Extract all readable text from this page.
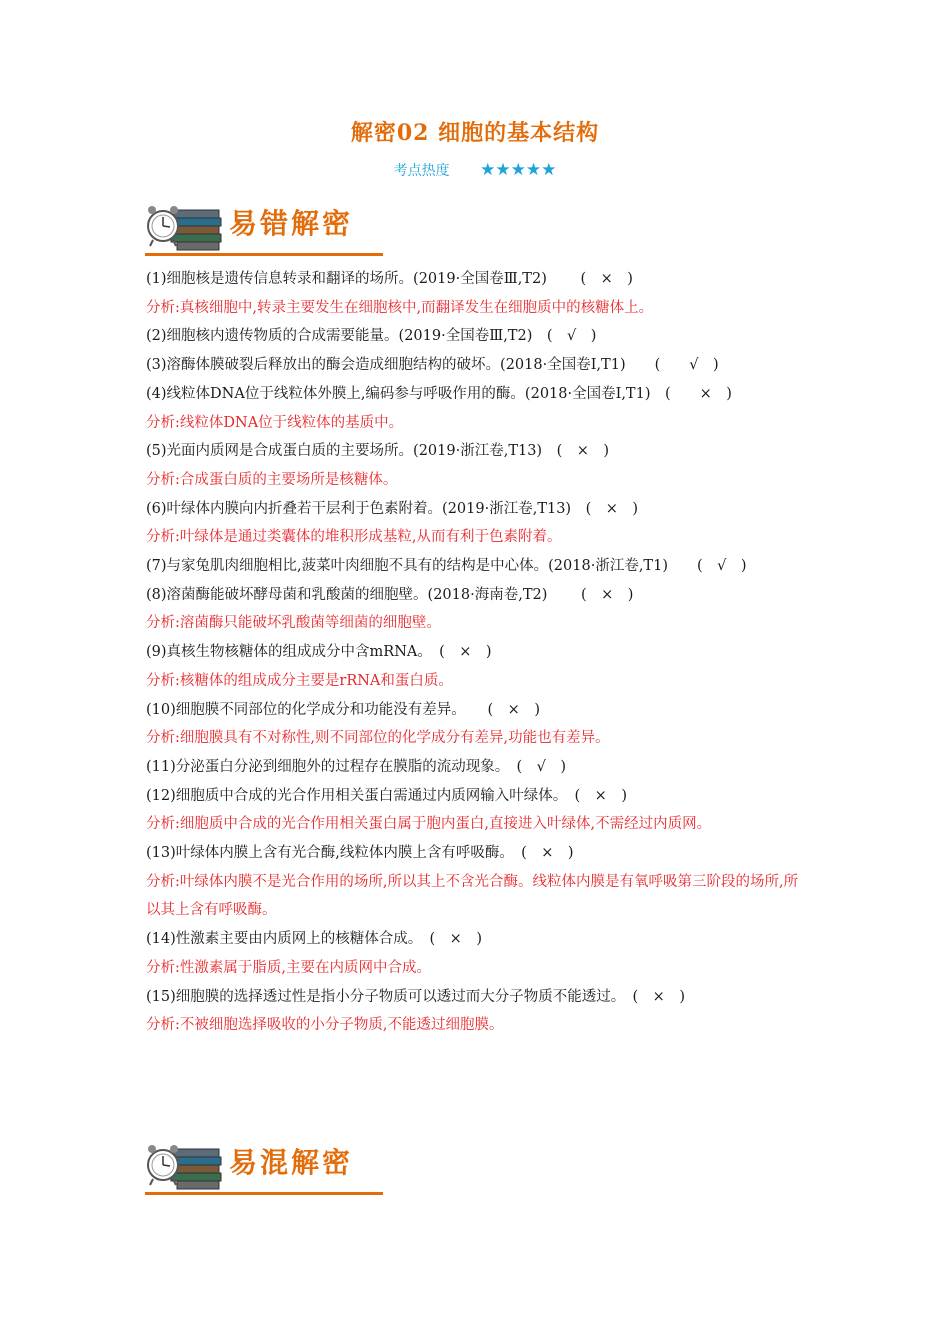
解密02 细胞的基本结构
考点热度 ★★★★★
易错解密
(1)细胞核是遗传信息转录和翻译的场所。(2019·全国卷Ⅲ,T2)　　 (　×　)
分析:真核细胞中,转录主要发生在细胞核中,而翻译发生在细胞质中的核糖体上。
(2)细胞核内遗传物质的合成需要能量。(2019·全国卷Ⅲ,T2)　(　√　)
(3)溶酶体膜破裂后释放出的酶会造成细胞结构的破坏。(2018·全国卷Ⅰ,T1)　　(　　√　)
(4)线粒体DNA位于线粒体外膜上,编码参与呼吸作用的酶。(2018·全国卷Ⅰ,T1)　(　　×　)
分析:线粒体DNA位于线粒体的基质中。
(5)光面内质网是合成蛋白质的主要场所。(2019·浙江卷,T13)　(　×　)
分析:合成蛋白质的主要场所是核糖体。
(6)叶绿体内膜向内折叠若干层利于色素附着。(2019·浙江卷,T13)　(　×　)
分析:叶绿体是通过类囊体的堆积形成基粒,从而有利于色素附着。
(7)与家兔肌肉细胞相比,菠菜叶肉细胞不具有的结构是中心体。(2018·浙江卷,T1)　　(　√　)
(8)溶菌酶能破坏酵母菌和乳酸菌的细胞壁。(2018·海南卷,T2)　　 (　×　)
分析:溶菌酶只能破坏乳酸菌等细菌的细胞壁。
(9)真核生物核糖体的组成成分中含mRNA。　(　×　)
分析:核糖体的组成成分主要是rRNA和蛋白质。
(10)细胞膜不同部位的化学成分和功能没有差异。　　(　×　)
分析:细胞膜具有不对称性,则不同部位的化学成分有差异,功能也有差异。
(11)分泌蛋白分泌到细胞外的过程存在膜脂的流动现象。　(　√　)
(12)细胞质中合成的光合作用相关蛋白需通过内质网输入叶绿体。　(　×　)
分析:细胞质中合成的光合作用相关蛋白属于胞内蛋白,直接进入叶绿体,不需经过内质网。
(13)叶绿体内膜上含有光合酶,线粒体内膜上含有呼吸酶。　(　×　)
分析:叶绿体内膜不是光合作用的场所,所以其上不含光合酶。线粒体内膜是有氧呼吸第三阶段的场所,所以其上含有呼吸酶。
(14)性激素主要由内质网上的核糖体合成。　(　×　)
分析:性激素属于脂质,主要在内质网中合成。
(15)细胞膜的选择透过性是指小分子物质可以透过而大分子物质不能透过。　(　×　)
分析:不被细胞选择吸收的小分子物质,不能透过细胞膜。
易混解密
